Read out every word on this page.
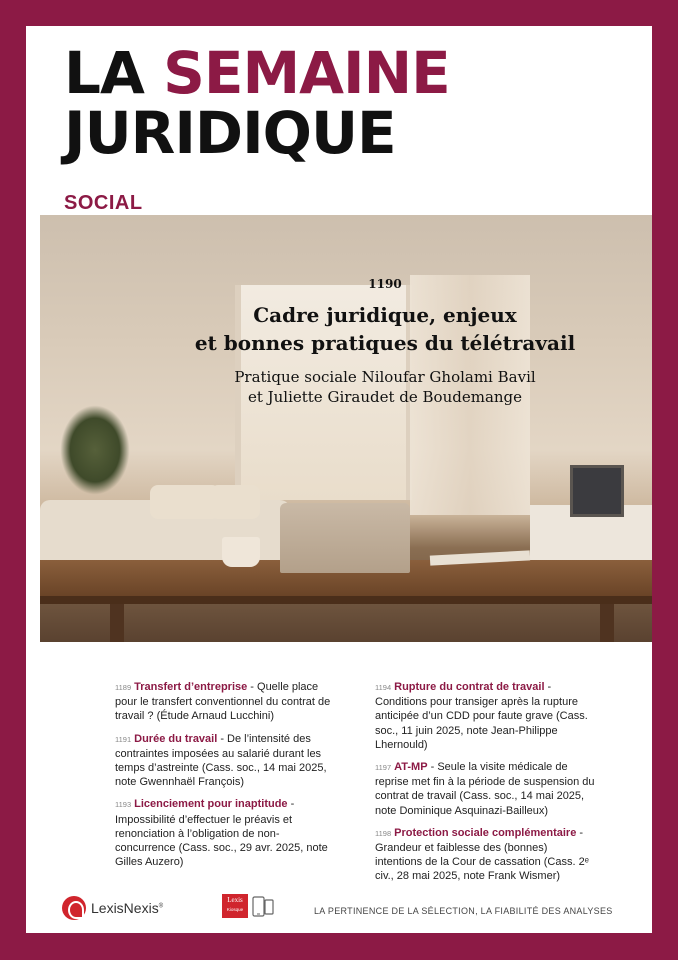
LA SEMAINE
JURIDIQUE
SOCIAL
1189 Transfert d’entreprise - Quelle place pour le transfert conventionnel du contrat de travail ? (Étude Arnaud Lucchini)
1191 Durée du travail - De l’intensité des contraintes imposées au salarié durant les temps d’astreinte (Cass. soc., 14 mai 2025, note Gwennhaël François)
1193 Licenciement pour inaptitude - Impossibilité d’effectuer le préavis et renonciation à l’obligation de non-concurrence (Cass. soc., 29 avr. 2025, note Gilles Auzero)
1194 Rupture du contrat de travail - Conditions pour transiger après la rupture anticipée d’un CDD pour faute grave (Cass. soc., 11 juin 2025, note Jean-Philippe Lhernould)
1197 AT-MP - Seule la visite médicale de reprise met fin à la période de suspension du contrat de travail (Cass. soc., 14 mai 2025, note Dominique Asquinazi-Bailleux)
1198 Protection sociale complémentaire - Grandeur et faiblesse des (bonnes) intentions de la Cour de cassation (Cass. 2ᵉ civ., 28 mai 2025, note Frank Wismer)
LexisNexis®
Lexis
Kiosque	LA PERTINENCE DE LA SÉLECTION, LA FIABILITÉ DES ANALYSES
1190
Cadre juridique, enjeux
et bonnes pratiques du télétravail
Pratique sociale Niloufar Gholami Bavil
et Juliette Giraudet de Boudemange
